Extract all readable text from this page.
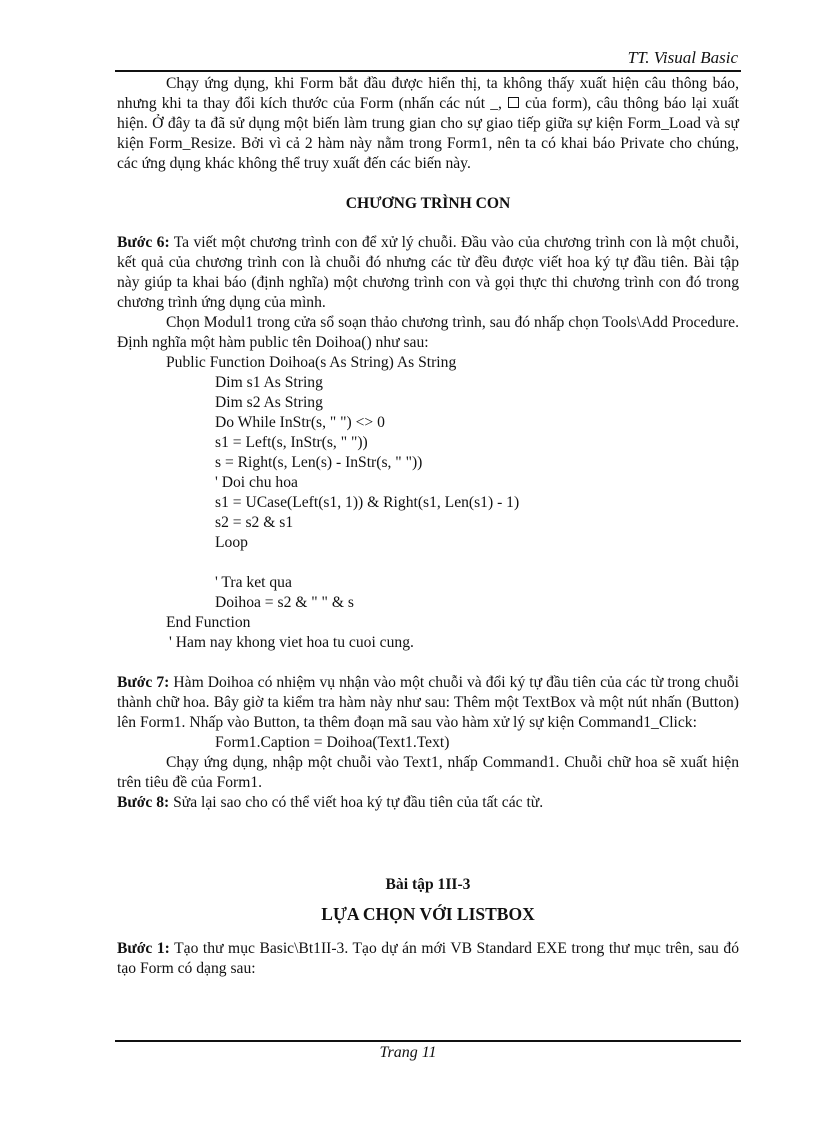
TT. Visual Basic

Chạy ứng dụng, khi Form bắt đầu được hiển thị, ta không thấy xuất hiện câu thông báo, nhưng khi ta thay đổi kích thước của Form (nhấn các nút _, của form), câu thông báo lại xuất hiện. Ở đây ta đã sử dụng một biến làm trung gian cho sự giao tiếp giữa sự kiện Form_Load và sự kiện Form_Resize. Bởi vì cả 2 hàm này nằm trong Form1, nên ta có khai báo Private cho chúng, các ứng dụng khác không thể truy xuất đến các biến này.

CHƯƠNG TRÌNH CON

Bước 6: Ta viết một chương trình con để xử lý chuỗi. Đầu vào của chương trình con là một chuỗi, kết quả của chương trình con là chuỗi đó nhưng các từ đều được viết hoa ký tự đầu tiên. Bài tập này giúp ta khai báo (định nghĩa) một chương trình con và gọi thực thi chương trình con đó trong chương trình ứng dụng của mình.

Chọn Modul1 trong cửa sổ soạn thảo chương trình, sau đó nhấp chọn Tools\Add Procedure. Định nghĩa một hàm public tên Doihoa() như sau:

Public Function Doihoa(s As String) As String

Dim s1 As String

Dim s2 As String

Do While InStr(s, " ") <> 0

s1 = Left(s, InStr(s, " "))

s = Right(s, Len(s) - InStr(s, " "))

' Doi chu hoa

s1 = UCase(Left(s1, 1)) & Right(s1, Len(s1) - 1)

s2 = s2 & s1

Loop

' Tra ket qua

Doihoa = s2 & " " & s

End Function

' Ham nay khong viet hoa tu cuoi cung.

Bước 7: Hàm Doihoa có nhiệm vụ nhận vào một chuỗi và đổi ký tự đầu tiên của các từ trong chuỗi thành chữ hoa. Bây giờ ta kiểm tra hàm này như sau: Thêm một TextBox và một nút nhấn (Button) lên Form1. Nhấp vào Button, ta thêm đoạn mã sau vào hàm xử lý sự kiện Command1_Click:

Form1.Caption = Doihoa(Text1.Text)

Chạy ứng dụng, nhập một chuỗi vào Text1, nhấp Command1. Chuỗi chữ hoa sẽ xuất hiện trên tiêu đề của Form1.

Bước 8: Sửa lại sao cho có thể viết hoa ký tự đầu tiên của tất các từ.

Bài tập 1II-3

LỰA CHỌN VỚI LISTBOX

Bước 1: Tạo thư mục Basic\Bt1II-3. Tạo dự án mới VB Standard EXE trong thư mục trên, sau đó tạo Form có dạng sau:

Trang 11
